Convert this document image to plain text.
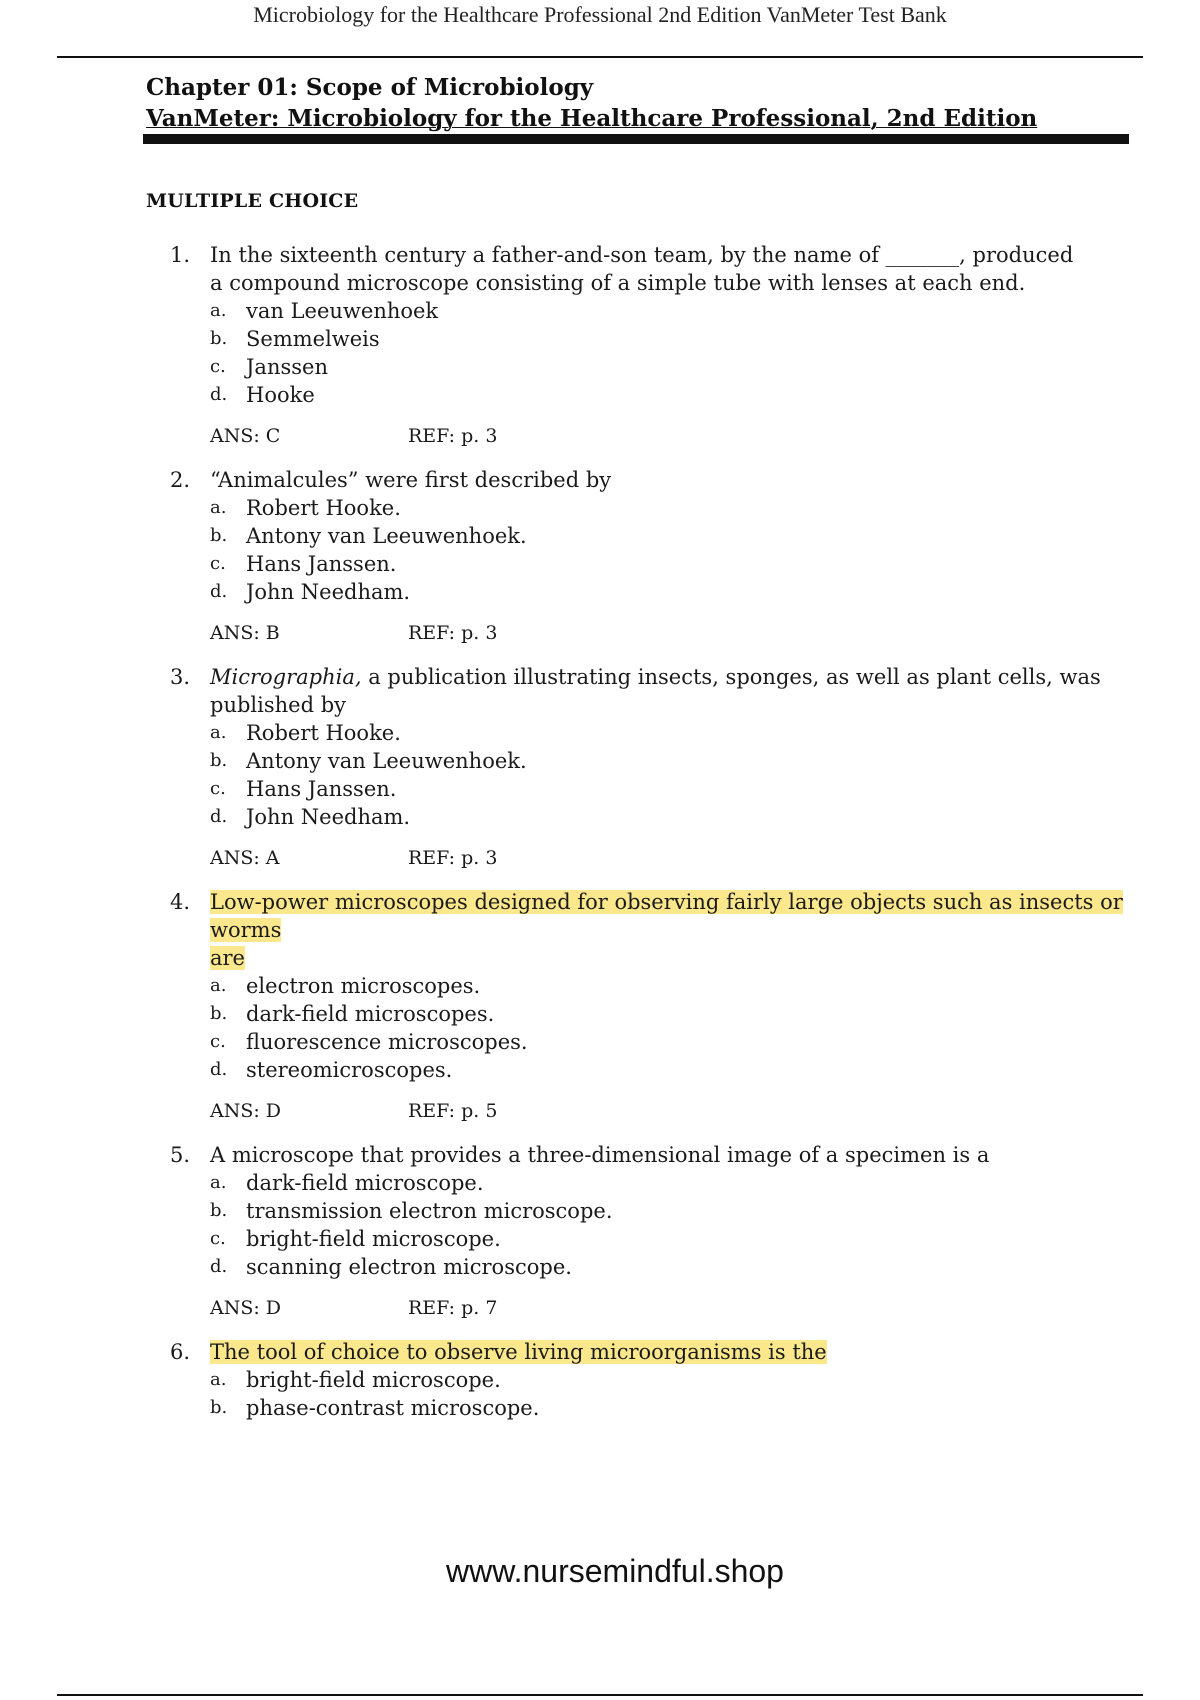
Microbiology for the Healthcare Professional 2nd Edition VanMeter Test Bank
Chapter 01: Scope of Microbiology
VanMeter: Microbiology for the Healthcare Professional, 2nd Edition
MULTIPLE CHOICE
1. In the sixteenth century a father-and-son team, by the name of _______, produced
a compound microscope consisting of a simple tube with lenses at each end.

a. van Leeuwenhoek
b. Semmelweis
c. Janssen
d. Hooke
ANS: C	REF: p. 3
2. “Animalcules” were first described by

a. Robert Hooke.
b. Antony van Leeuwenhoek.
c. Hans Janssen.
d. John Needham.
ANS: B	REF: p. 3
3. Micrographia, a publication illustrating insects, sponges, as well as plant cells, was published by

a. Robert Hooke.
b. Antony van Leeuwenhoek.
c. Hans Janssen.
d. John Needham.
ANS: A	REF: p. 3
4. Low-power microscopes designed for observing fairly large objects such as insects or
worms
are

a. electron microscopes.
b. dark-field microscopes.
c. fluorescence microscopes.
d. stereomicroscopes.
ANS: D	REF: p. 5
5. A microscope that provides a three-dimensional image of a specimen is a

a. dark-field microscope.
b. transmission electron microscope.
c. bright-field microscope.
d. scanning electron microscope.
ANS: D	REF: p. 7
6. The tool of choice to observe living microorganisms is the

a. bright-field microscope.
b. phase-contrast microscope.
www.nursemindful.shop
